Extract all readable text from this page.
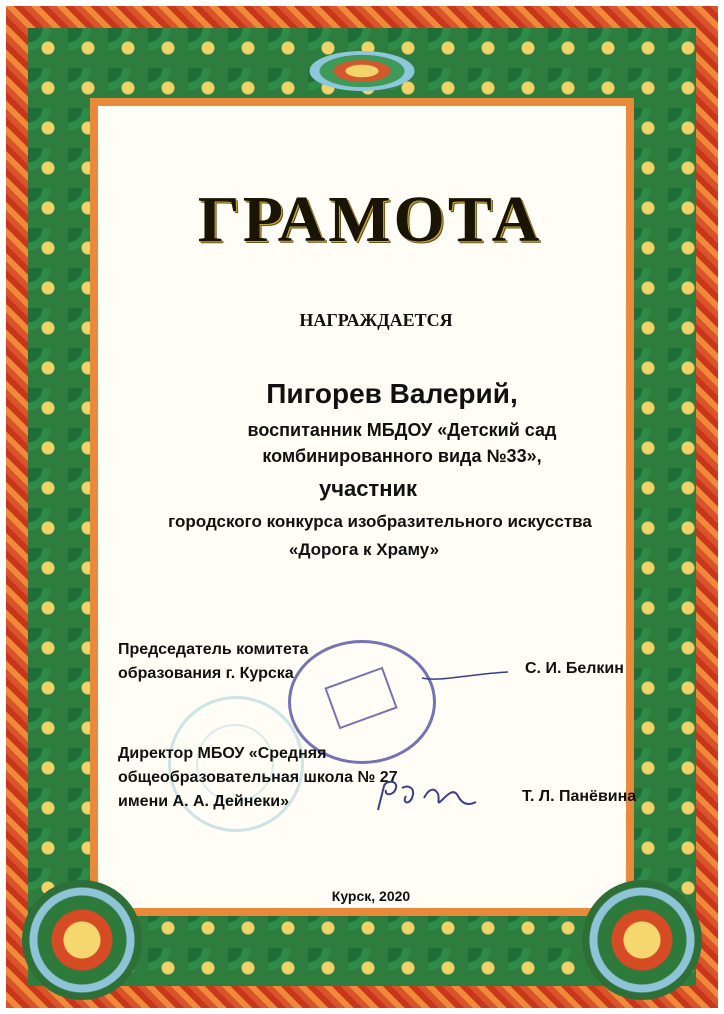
ГРАМОТА
НАГРАЖДАЕТСЯ
Пигорев Валерий,
воспитанник МБДОУ «Детский сад
комбинированного вида №33»,
участник
городского конкурса изобразительного искусства
«Дорога к Храму»
Председатель комитета
образования г. Курска	С. И. Белкин
Директор МБОУ «Средняя
общеобразовательная школа № 27
имени А. А. Дейнеки»	Т. Л. Панёвина
Курск, 2020
